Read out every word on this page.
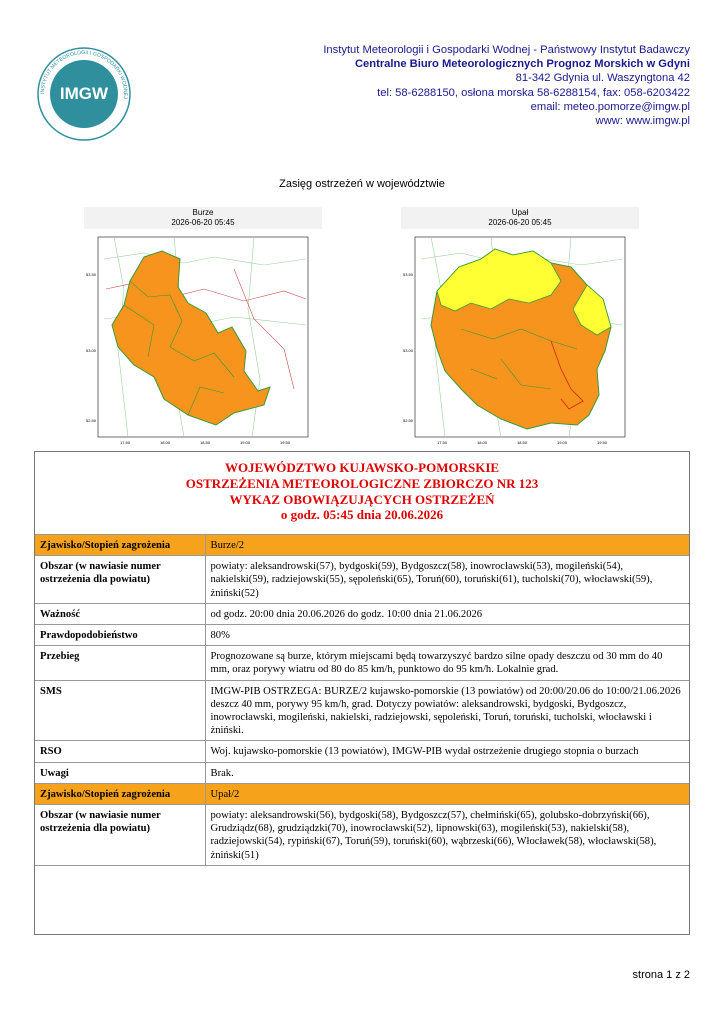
INSTYTUT METEOROLOGII I GOSPODARKI WODNEJ
IMGW
Instytut Meteorologii i Gospodarki Wodnej - Państwowy Instytut Badawczy
Centralne Biuro Meteorologicznych Prognoz Morskich w Gdyni
81-342 Gdynia ul. Waszyngtona 42
tel: 58-6288150, osłona morska 58-6288154, fax: 058-6203422
email: meteo.pomorze@imgw.pl
www: www.imgw.pl
Zasięg ostrzeżeń w województwie
Burze
2026-06-20 05:45
53.50
53.00
52.50
17.50	18.00	18.50	19.00	19.50
Upał
2026-06-20 05:45
53.50
53.00
52.50
17.50	18.00	18.50	19.00	19.50
WOJEWÓDZTWO KUJAWSKO-POMORSKIE
OSTRZEŻENIA METEOROLOGICZNE ZBIORCZO NR 123
WYKAZ OBOWIĄZUJĄCYCH OSTRZEŻEŃ
o godz. 05:45 dnia 20.06.2026
Zjawisko/Stopień zagrożenia	Burze/2
Obszar (w nawiasie numer ostrzeżenia dla powiatu)	powiaty: aleksandrowski(57), bydgoski(59), Bydgoszcz(58), inowrocławski(53), mogileński(54), nakielski(59), radziejowski(55), sępoleński(65), Toruń(60), toruński(61), tucholski(70), włocławski(59), żniński(52)
Ważność	od godz. 20:00 dnia 20.06.2026 do godz. 10:00 dnia 21.06.2026
Prawdopodobieństwo	80%
Przebieg	Prognozowane są burze, którym miejscami będą towarzyszyć bardzo silne opady deszczu od 30 mm do 40 mm, oraz porywy wiatru od 80 do 85 km/h, punktowo do 95 km/h. Lokalnie grad.
SMS	IMGW-PIB OSTRZEGA: BURZE/2 kujawsko-pomorskie (13 powiatów) od 20:00/20.06 do 10:00/21.06.2026 deszcz 40 mm, porywy 95 km/h, grad. Dotyczy powiatów: aleksandrowski, bydgoski, Bydgoszcz, inowrocławski, mogileński, nakielski, radziejowski, sępoleński, Toruń, toruński, tucholski, włocławski i żniński.
RSO	Woj. kujawsko-pomorskie (13 powiatów), IMGW-PIB wydał ostrzeżenie drugiego stopnia o burzach
Uwagi	Brak.
Zjawisko/Stopień zagrożenia	Upał/2
Obszar (w nawiasie numer ostrzeżenia dla powiatu)	powiaty: aleksandrowski(56), bydgoski(58), Bydgoszcz(57), chełmiński(65), golubsko-dobrzyński(66), Grudziądz(68), grudziądzki(70), inowrocławski(52), lipnowski(63), mogileński(53), nakielski(58), radziejowski(54), rypiński(67), Toruń(59), toruński(60), wąbrzeski(66), Włocławek(58), włocławski(58), żniński(51)
strona 1 z 2
